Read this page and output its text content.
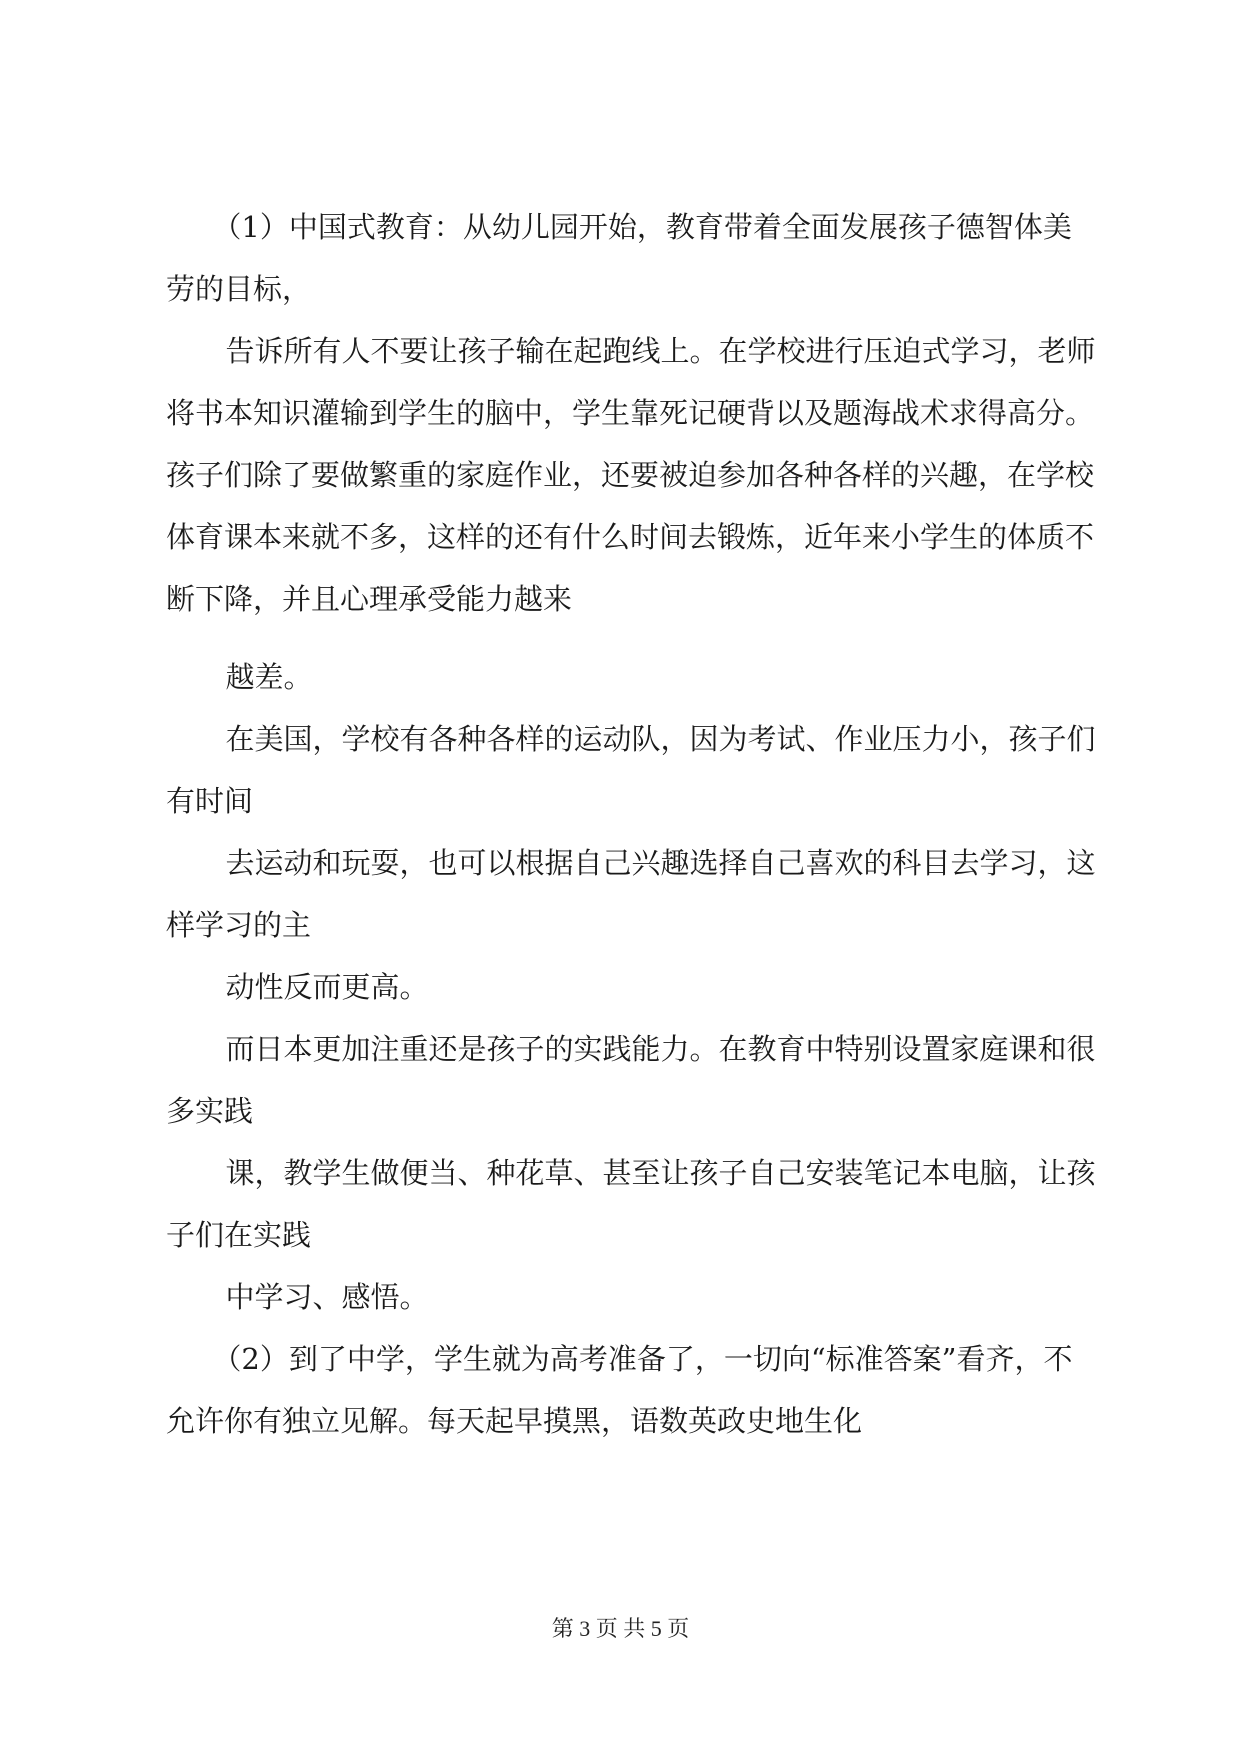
（1）中国式教育：从幼儿园开始，教育带着全面发展孩子德智体美劳的目标，

告诉所有人不要让孩子输在起跑线上。在学校进行压迫式学习，老师将书本知识灌输到学生的脑中，学生靠死记硬背以及题海战术求得高分。孩子们除了要做繁重的家庭作业，还要被迫参加各种各样的兴趣，在学校体育课本来就不多，这样的还有什么时间去锻炼，近年来小学生的体质不断下降，并且心理承受能力越来

越差。

在美国，学校有各种各样的运动队，因为考试、作业压力小，孩子们有时间

去运动和玩耍，也可以根据自己兴趣选择自己喜欢的科目去学习，这样学习的主

动性反而更高。

而日本更加注重还是孩子的实践能力。在教育中特别设置家庭课和很多实践

课，教学生做便当、种花草、甚至让孩子自己安装笔记本电脑，让孩子们在实践

中学习、感悟。

（2）到了中学，学生就为高考准备了，一切向“标准答案”看齐，不允许你有独立见解。每天起早摸黑，语数英政史地生化

第 3 页 共 5 页
